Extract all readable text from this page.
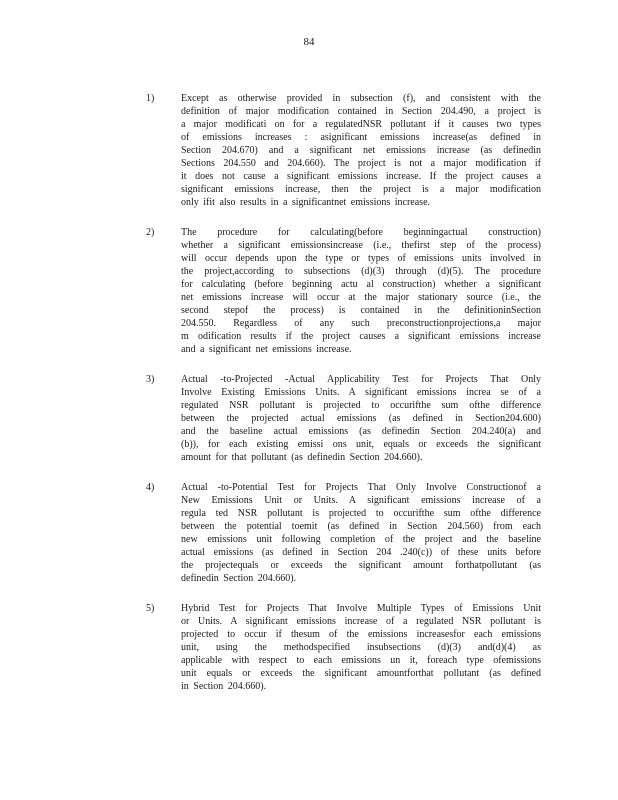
84
1)	Except as otherwise provided in subsection (f), and consistent with the
definition of major modification contained in Section 204.490, a project is
a major modificati on for a regulatedNSR pollutant if it causes two types
of emissions increases : asignificant emissions increase(as defined in
Section 204.670) and a significant net emissions increase (as definedin
Sections 204.550 and 204.660). The project is not a major modification if
it does not cause a significant emissions increase. If the project causes a
significant emissions increase, then the project is a major modification
only ifit also results in a significantnet emissions increase.
2)	The procedure for calculating(before beginningactual construction)
whether a significant emissionsincrease (i.e., thefirst step of the process)
will occur depends upon the type or types of emissions units involved in
the project,according to subsections (d)(3) through (d)(5). The procedure
for calculating (before beginning actu al construction) whether a significant
net emissions increase will occur at the major stationary source (i.e., the
second stepof the process) is contained in the definitioninSection
204.550. Regardless of any such preconstructionprojections,a major
m odification results if the project causes a significant emissions increase
and a significant net emissions increase.
3)	Actual -to-Projected -Actual Applicability Test for Projects That Only
Involve Existing Emissions Units. A significant emissions increa se of a
regulated NSR pollutant is projected to occurifthe sum ofthe difference
between the projected actual emissions (as defined in Section204.600)
and the baseline actual emissions (as definedin Section 204.240(a) and
(b)), for each existing emissi ons unit, equals or exceeds the significant
amount for that pollutant (as definedin Section 204.660).
4)	Actual -to-Potential Test for Projects That Only Involve Constructionof a
New Emissions Unit or Units. A significant emissions increase of a
regula ted NSR pollutant is projected to occurifthe sum ofthe difference
between the potential toemit (as defined in Section 204.560) from each
new emissions unit following completion of the project and the baseline
actual emissions (as defined in Section 204 .240(c)) of these units before
the projectequals or exceeds the significant amount forthatpollutant (as
definedin Section 204.660).
5)	Hybrid Test for Projects That Involve Multiple Types of Emissions Unit
or Units. A significant emissions increase of a regulated NSR pollutant is
projected to occur if thesum of the emissions increasesfor each emissions
unit, using the methodspecified insubsections (d)(3) and(d)(4) as
applicable with respect to each emissions un it, foreach type ofemissions
unit equals or exceeds the significant amountforthat pollutant (as defined
in Section 204.660).
